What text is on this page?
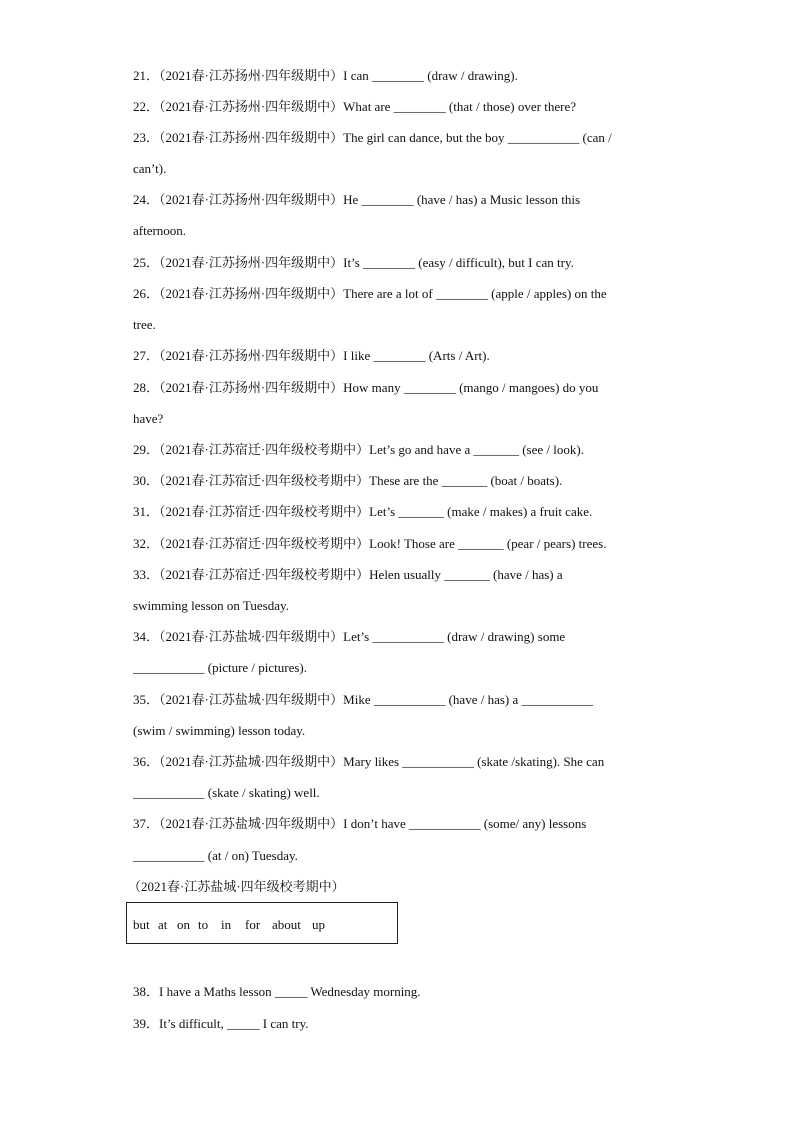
21．（2021春·江苏扬州·四年级期中）I can ________ (draw / drawing).
22．（2021春·江苏扬州·四年级期中）What are ________ (that / those) over there?
23．（2021春·江苏扬州·四年级期中）The girl can dance, but the boy ___________ (can /
can’t).
24．（2021春·江苏扬州·四年级期中）He ________ (have / has) a Music lesson this
afternoon.
25．（2021春·江苏扬州·四年级期中）It’s ________ (easy / difficult), but I can try.
26．（2021春·江苏扬州·四年级期中）There are a lot of ________ (apple / apples) on the
tree.
27．（2021春·江苏扬州·四年级期中）I like ________ (Arts / Art).
28．（2021春·江苏扬州·四年级期中）How many ________ (mango / mangoes) do you
have?
29．（2021春·江苏宿迁·四年级校考期中）Let’s go and have a _______ (see / look).
30．（2021春·江苏宿迁·四年级校考期中）These are the _______ (boat / boats).
31．（2021春·江苏宿迁·四年级校考期中）Let’s _______ (make / makes) a fruit cake.
32．（2021春·江苏宿迁·四年级校考期中）Look! Those are _______ (pear / pears) trees.
33．（2021春·江苏宿迁·四年级校考期中）Helen usually _______ (have / has) a
swimming lesson on Tuesday.
34．（2021春·江苏盐城·四年级期中）Let’s ___________ (draw / drawing) some
___________ (picture / pictures).
35．（2021春·江苏盐城·四年级期中）Mike ___________ (have / has) a ___________
(swim / swimming) lesson today.
36．（2021春·江苏盐城·四年级期中）Mary likes ___________ (skate /skating). She can
___________ (skate / skating) well.
37．（2021春·江苏盐城·四年级期中）I don’t have ___________ (some/ any) lessons
___________ (at / on) Tuesday.
（2021春·江苏盐城·四年级校考期中）
but at on to in for about up
38．I have a Maths lesson _____ Wednesday morning.
39．It’s difficult, _____ I can try.
